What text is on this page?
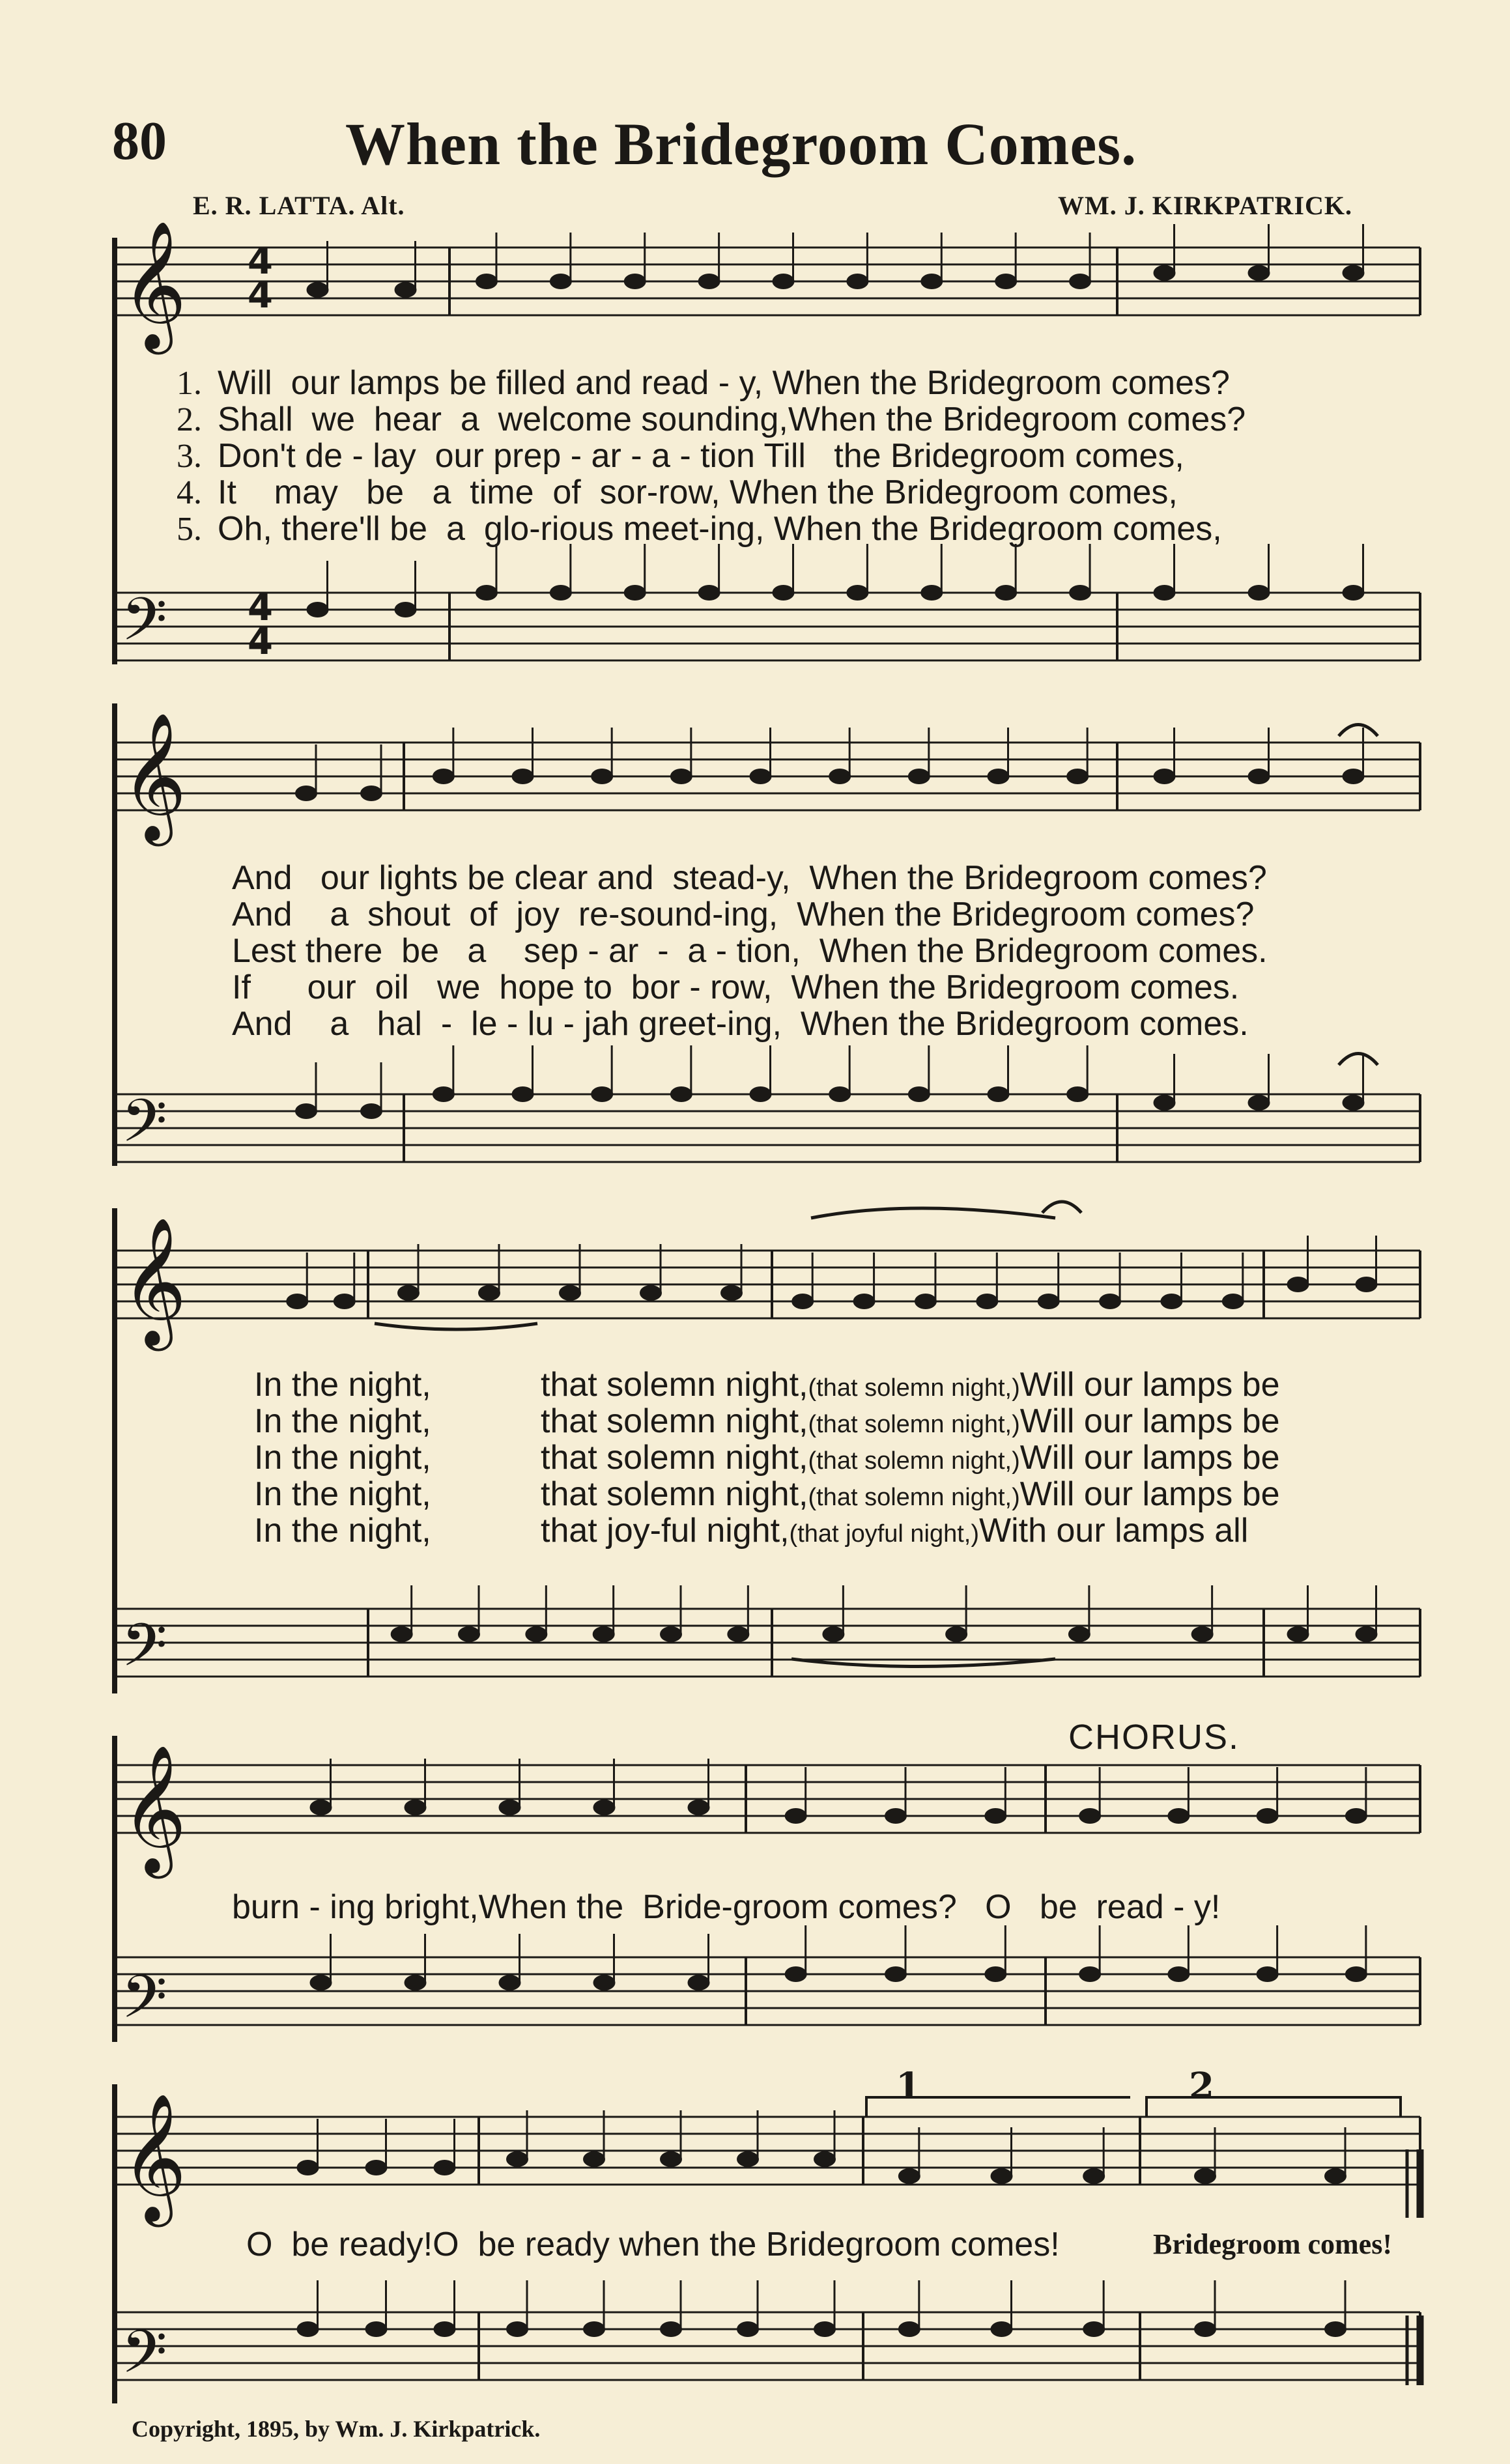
80	When the Bridegroom Comes.
E. R. LATTA. Alt.	WM. J. KIRKPATRICK.
𝄞
𝄢
𝄞
𝄢
𝄞
𝄢
𝄞
𝄢
𝄞
𝄢
4
4
4
4
1	2
1. Will  our lamps be filled and read - y, When the Bridegroom comes?
2. Shall  we  hear  a  welcome sounding,When the Bridegroom comes?
3. Don't de - lay  our prep - ar - a - tion Till   the Bridegroom comes,
4. It    may   be   a  time  of  sor-row, When the Bridegroom comes,
5. Oh, there'll be  a  glo-rious meet-ing, When the Bridegroom comes,
And   our lights be clear and  stead-y,  When the Bridegroom comes?
And    a  shout  of  joy  re-sound-ing,  When the Bridegroom comes?
Lest there  be   a    sep - ar  -  a - tion,  When the Bridegroom comes.
If      our  oil   we  hope to  bor - row,  When the Bridegroom comes.
And    a   hal  -  le - lu - jah greet-ing,  When the Bridegroom comes.
In the night,	that solemn night,(that solemn night,)Will our lamps be
In the night,	that solemn night,(that solemn night,)Will our lamps be
In the night,	that solemn night,(that solemn night,)Will our lamps be
In the night,	that solemn night,(that solemn night,)Will our lamps be
In the night,	that joy-ful night,(that joyful night,)With our lamps all
CHORUS.
burn - ing bright,When the  Bride-groom comes?   O   be  read - y!
O  be ready!O  be ready when the Bridegroom comes!	Bridegroom comes!
Copyright, 1895, by Wm. J. Kirkpatrick.
